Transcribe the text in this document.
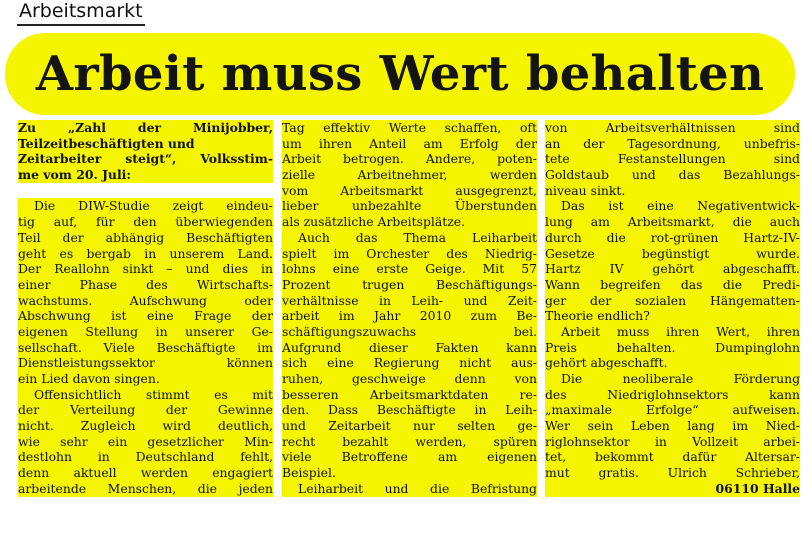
Arbeitsmarkt
Arbeit muss Wert behalten
Zu „Zahl der Minijobber,
Teilzeitbeschäftigten und
Zeitarbeiter steigt“, Volksstim-
me vom 20. Juli:
Die DIW-Studie zeigt eindeu-
tig auf, für den überwiegenden
Teil der abhängig Beschäftigten
geht es bergab in unserem Land.
Der Reallohn sinkt – und dies in
einer Phase des Wirtschafts-
wachstums. Aufschwung oder
Abschwung ist eine Frage der
eigenen Stellung in unserer Ge-
sellschaft. Viele Beschäftigte im
Dienstleistungssektor können
ein Lied davon singen.
Offensichtlich stimmt es mit
der Verteilung der Gewinne
nicht. Zugleich wird deutlich,
wie sehr ein gesetzlicher Min-
destlohn in Deutschland fehlt,
denn aktuell werden engagiert
arbeitende Menschen, die jeden
Tag effektiv Werte schaffen, oft
um ihren Anteil am Erfolg der
Arbeit betrogen. Andere, poten-
zielle Arbeitnehmer, werden
vom Arbeitsmarkt ausgegrenzt,
lieber unbezahlte Überstunden
als zusätzliche Arbeitsplätze.
Auch das Thema Leiharbeit
spielt im Orchester des Niedrig-
lohns eine erste Geige. Mit 57
Prozent trugen Beschäftigungs-
verhältnisse in Leih- und Zeit-
arbeit im Jahr 2010 zum Be-
schäftigungszuwachs bei.
Aufgrund dieser Fakten kann
sich eine Regierung nicht aus-
ruhen, geschweige denn von
besseren Arbeitsmarktdaten re-
den. Dass Beschäftigte in Leih-
und Zeitarbeit nur selten ge-
recht bezahlt werden, spüren
viele Betroffene am eigenen
Beispiel.
Leiharbeit und die Befristung
von Arbeitsverhältnissen sind
an der Tagesordnung, unbefris-
tete Festanstellungen sind
Goldstaub und das Bezahlungs-
niveau sinkt.
Das ist eine Negativentwick-
lung am Arbeitsmarkt, die auch
durch die rot-grünen Hartz-IV-
Gesetze begünstigt wurde.
Hartz IV gehört abgeschafft.
Wann begreifen das die Predi-
ger der sozialen Hängematten-
Theorie endlich?
Arbeit muss ihren Wert, ihren
Preis behalten. Dumpinglohn
gehört abgeschafft.
Die neoliberale Förderung
des Niedriglohnsektors kann
„maximale Erfolge“ aufweisen.
Wer sein Leben lang im Nied-
riglohnsektor in Vollzeit arbei-
tet, bekommt dafür Altersar-
mut gratis. Ulrich Schrieber,
06110 Halle
